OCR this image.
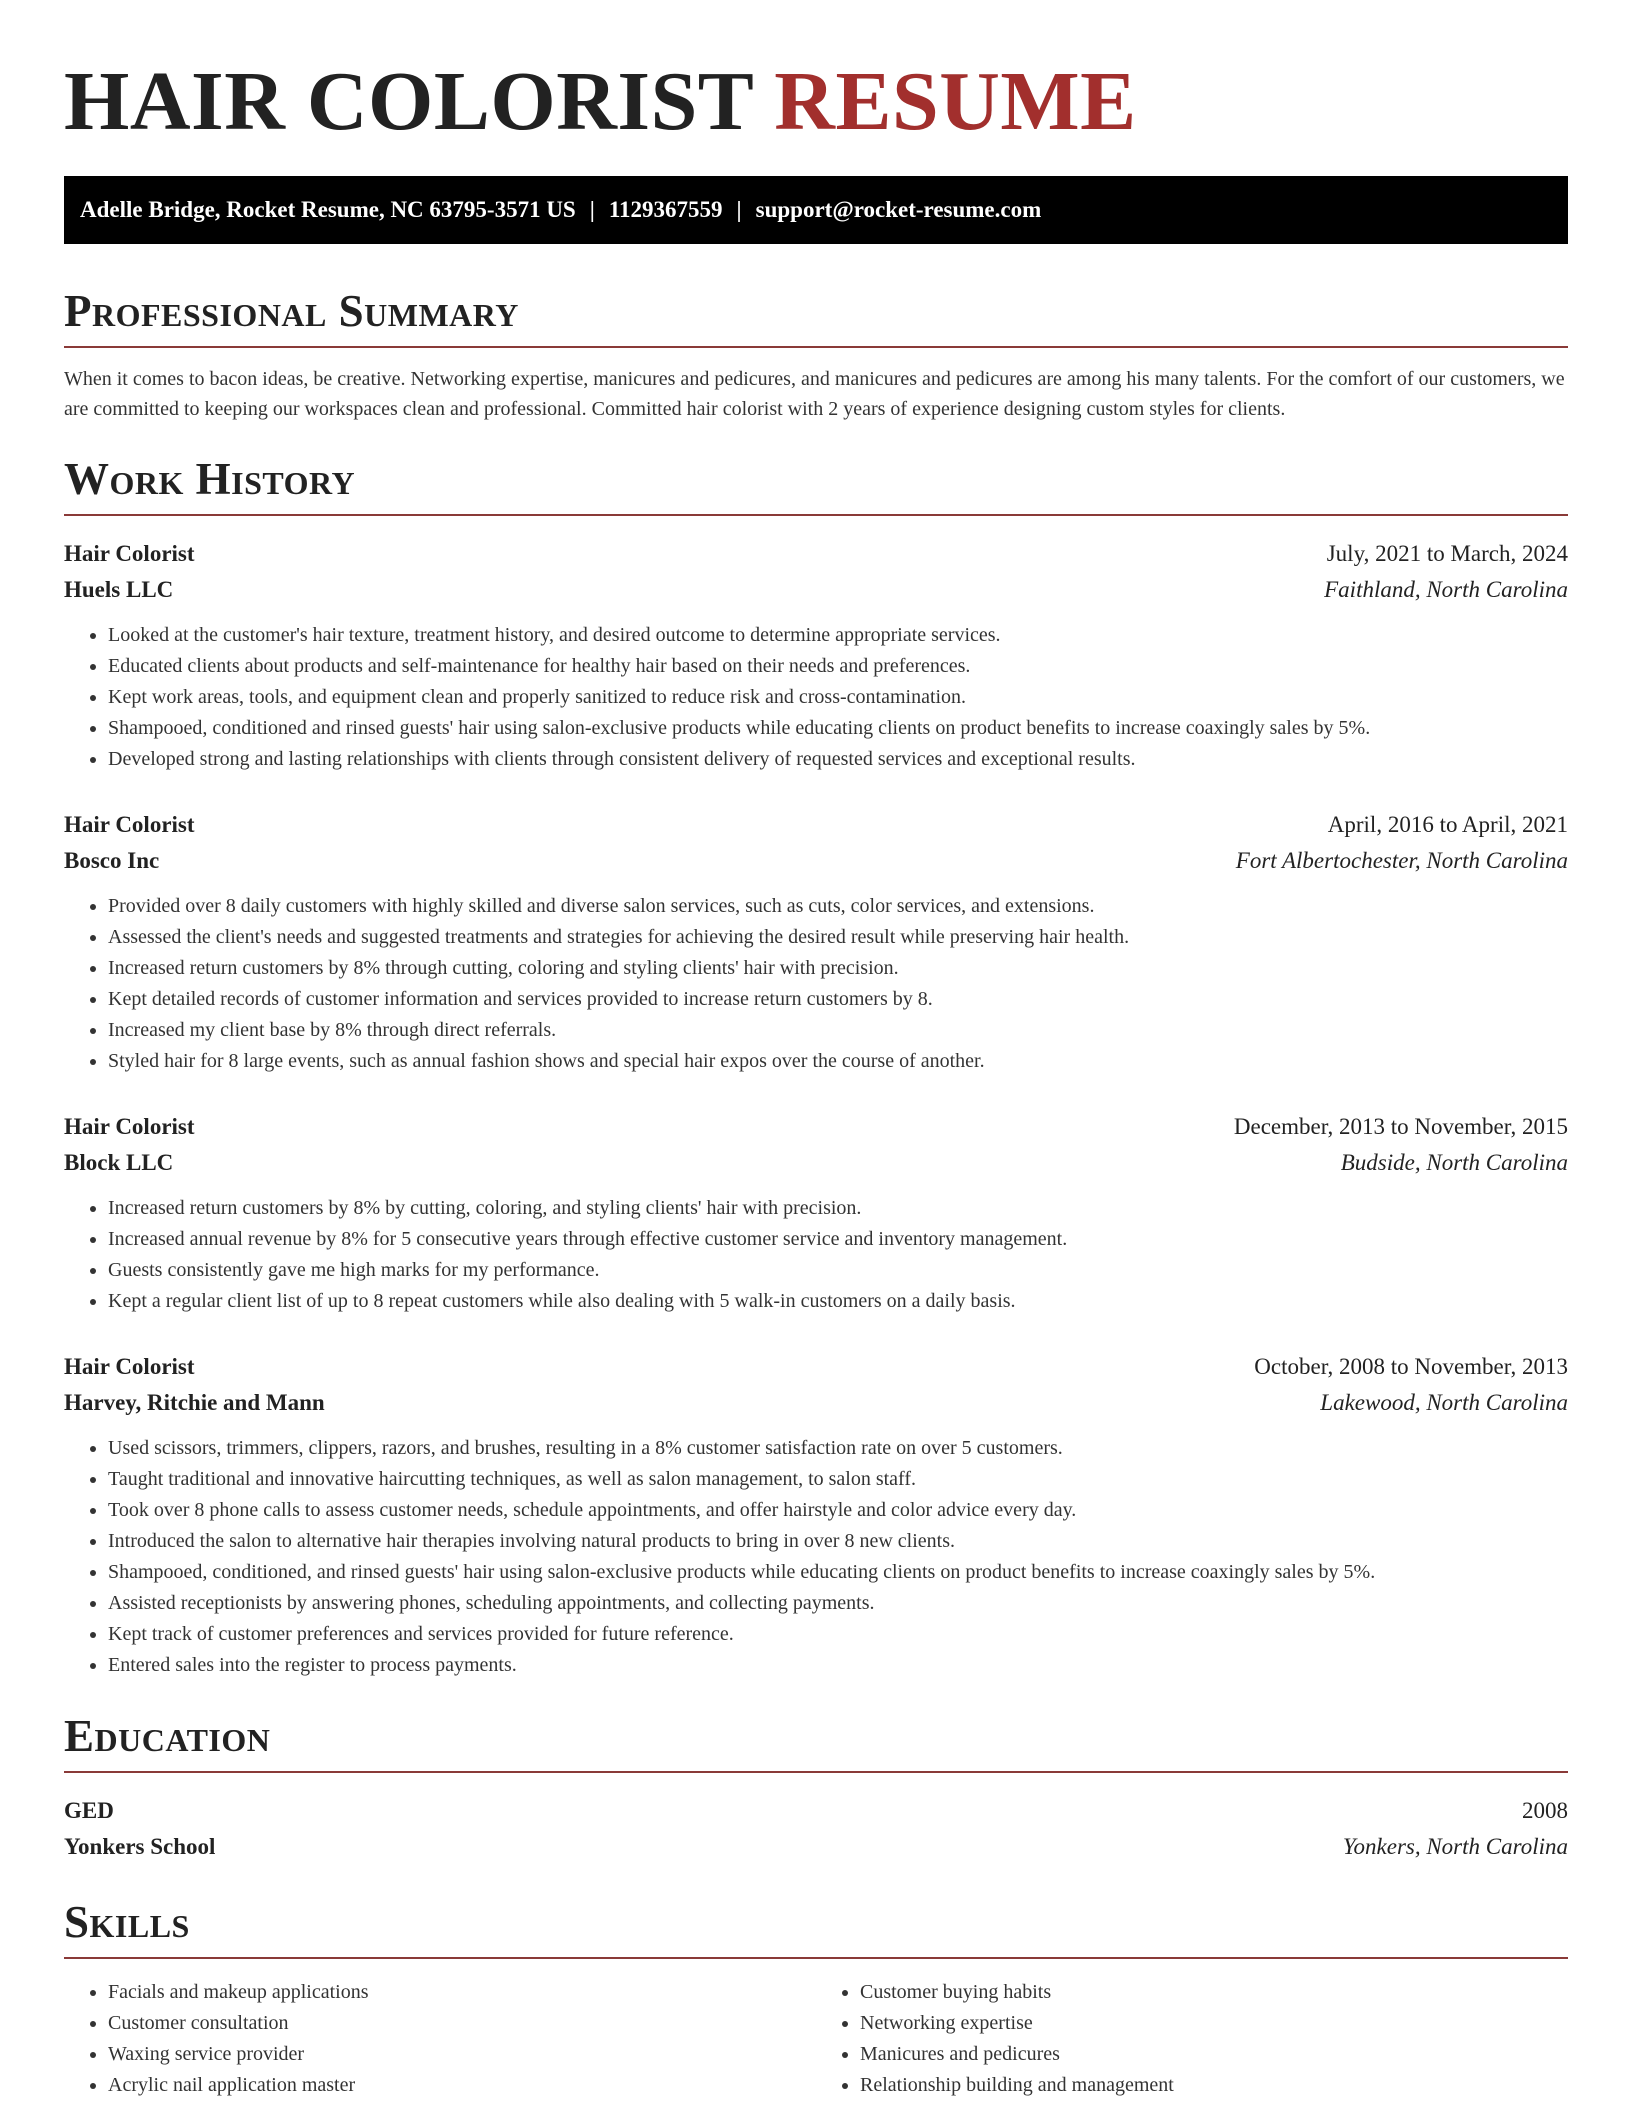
HAIR COLORIST RESUME
Adelle Bridge, Rocket Resume, NC 63795-3571 US | 1129367559 | support@rocket-resume.com
Professional Summary

When it comes to bacon ideas, be creative. Networking expertise, manicures and pedicures, and manicures and pedicures are among his many talents. For the comfort of our customers, we are committed to keeping our workspaces clean and professional. Committed hair colorist with 2 years of experience designing custom styles for clients.

Work History
Hair Colorist	July, 2021 to March, 2024
Huels LLC	Faithland, North Carolina
• Looked at the customer's hair texture, treatment history, and desired outcome to determine appropriate services.
• Educated clients about products and self-maintenance for healthy hair based on their needs and preferences.
• Kept work areas, tools, and equipment clean and properly sanitized to reduce risk and cross-contamination.
• Shampooed, conditioned and rinsed guests' hair using salon-exclusive products while educating clients on product benefits to increase coaxingly sales by 5%.
• Developed strong and lasting relationships with clients through consistent delivery of requested services and exceptional results.
Hair Colorist	April, 2016 to April, 2021
Bosco Inc	Fort Albertochester, North Carolina
• Provided over 8 daily customers with highly skilled and diverse salon services, such as cuts, color services, and extensions.
• Assessed the client's needs and suggested treatments and strategies for achieving the desired result while preserving hair health.
• Increased return customers by 8% through cutting, coloring and styling clients' hair with precision.
• Kept detailed records of customer information and services provided to increase return customers by 8.
• Increased my client base by 8% through direct referrals.
• Styled hair for 8 large events, such as annual fashion shows and special hair expos over the course of another.
Hair Colorist	December, 2013 to November, 2015
Block LLC	Budside, North Carolina
• Increased return customers by 8% by cutting, coloring, and styling clients' hair with precision.
• Increased annual revenue by 8% for 5 consecutive years through effective customer service and inventory management.
• Guests consistently gave me high marks for my performance.
• Kept a regular client list of up to 8 repeat customers while also dealing with 5 walk-in customers on a daily basis.
Hair Colorist	October, 2008 to November, 2013
Harvey, Ritchie and Mann	Lakewood, North Carolina
• Used scissors, trimmers, clippers, razors, and brushes, resulting in a 8% customer satisfaction rate on over 5 customers.
• Taught traditional and innovative haircutting techniques, as well as salon management, to salon staff.
• Took over 8 phone calls to assess customer needs, schedule appointments, and offer hairstyle and color advice every day.
• Introduced the salon to alternative hair therapies involving natural products to bring in over 8 new clients.
• Shampooed, conditioned, and rinsed guests' hair using salon-exclusive products while educating clients on product benefits to increase coaxingly sales by 5%.
• Assisted receptionists by answering phones, scheduling appointments, and collecting payments.
• Kept track of customer preferences and services provided for future reference.
• Entered sales into the register to process payments.
Education
GED	2008
Yonkers School	Yonkers, North Carolina
Skills
• Facials and makeup applications
• Customer consultation
• Waxing service provider
• Acrylic nail application master
• Customer buying habits
• Networking expertise
• Manicures and pedicures
• Relationship building and management
